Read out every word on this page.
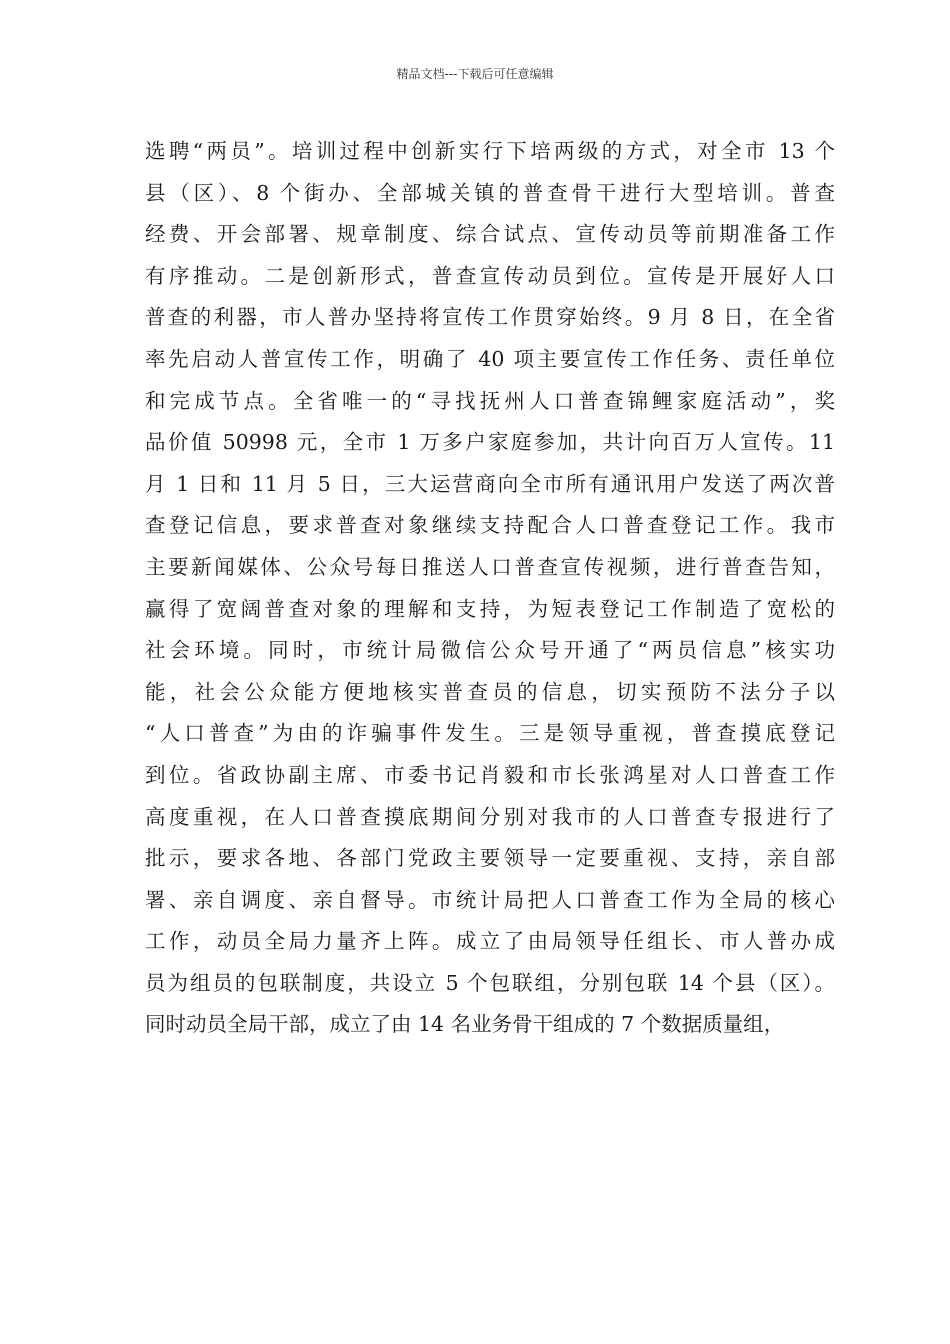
精品文档---下载后可任意编辑
选聘“两员”。培训过程中创新实行下培两级的方式，对全市 13 个
县（区）、8 个街办、全部城关镇的普查骨干进行大型培训。普查
经费、开会部署、规章制度、综合试点、宣传动员等前期准备工作
有序推动。二是创新形式，普查宣传动员到位。宣传是开展好人口
普查的利器，市人普办坚持将宣传工作贯穿始终。9 月 8 日，在全省
率先启动人普宣传工作，明确了 40 项主要宣传工作任务、责任单位
和完成节点。全省唯一的“寻找抚州人口普查锦鲤家庭活动”，奖
品价值 50998 元，全市 1 万多户家庭参加，共计向百万人宣传。11
月 1 日和 11 月 5 日，三大运营商向全市所有通讯用户发送了两次普
查登记信息，要求普查对象继续支持配合人口普查登记工作。我市
主要新闻媒体、公众号每日推送人口普查宣传视频，进行普查告知，
赢得了宽阔普查对象的理解和支持，为短表登记工作制造了宽松的
社会环境。同时，市统计局微信公众号开通了“两员信息”核实功
能，社会公众能方便地核实普查员的信息，切实预防不法分子以
“人口普查”为由的诈骗事件发生。三是领导重视，普查摸底登记
到位。省政协副主席、市委书记肖毅和市长张鸿星对人口普查工作
高度重视，在人口普查摸底期间分别对我市的人口普查专报进行了
批示，要求各地、各部门党政主要领导一定要重视、支持，亲自部
署、亲自调度、亲自督导。市统计局把人口普查工作为全局的核心
工作，动员全局力量齐上阵。成立了由局领导任组长、市人普办成
员为组员的包联制度，共设立 5 个包联组，分别包联 14 个县（区）。
同时动员全局干部，成立了由 14 名业务骨干组成的 7 个数据质量组，
